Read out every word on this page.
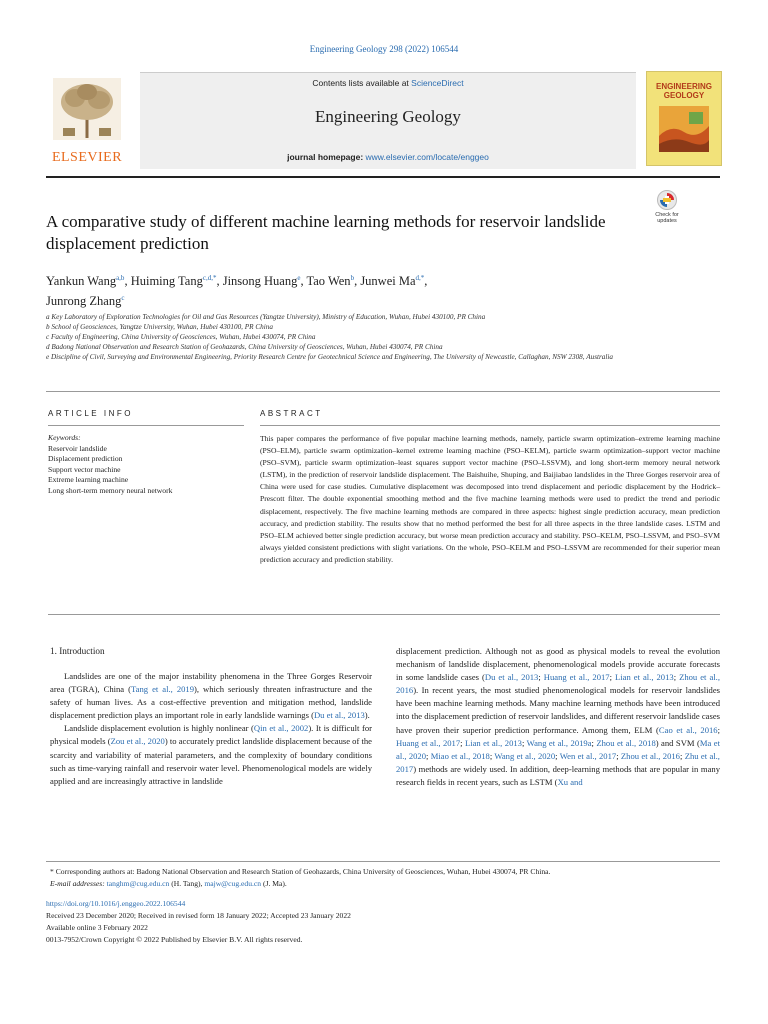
Engineering Geology 298 (2022) 106544
ELSEVIER
Contents lists available at ScienceDirect
Engineering Geology
journal homepage: www.elsevier.com/locate/enggeo
ENGINEERING GEOLOGY
A comparative study of different machine learning methods for reservoir landslide displacement prediction
Check for updates
Yankun Wang$^{a,b}$, Huiming Tang$^{c,d,*}$, Jinsong Huang$^e$, Tao Wen$^b$, Junwei $Ma^{d,*}$,
Junrong Zhang$^c$
a Key Laboratory of Exploration Technologies for Oil and Gas Resources (Yangtze University), Ministry of Education, Wuhan, Hubei 430100, PR China
b School of Geosciences, Yangtze University, Wuhan, Hubei 430100, PR China
c Faculty of Engineering, China University of Geosciences, Wuhan, Hubei 430074, PR China
d Badong National Observation and Research Station of Geohazards, China University of Geosciences, Wuhan, Hubei 430074, PR China
e Discipline of Civil, Surveying and Environmental Engineering, Priority Research Centre for Geotechnical Science and Engineering, The University of Newcastle, Callaghan, NSW 2308, Australia
ARTICLE INFO	ABSTRACT
Keywords:
Reservoir landslide
Displacement prediction
Support vector machine
Extreme learning machine
Long short-term memory neural network
This paper compares the performance of five popular machine learning methods, namely, particle swarm optimization–extreme learning machine (PSO–ELM), particle swarm optimization–kernel extreme learning machine (PSO–KELM), particle swarm optimization–support vector machine (PSO–SVM), particle swarm optimization–least squares support vector machine (PSO–LSSVM), and long short-term memory neural network (LSTM), in the prediction of reservoir landslide displacement. The Baishuihe, Shuping, and Baijiabao landslides in the Three Gorges reservoir area of China were used for case studies. Cumulative displacement was decomposed into trend displacement and periodic displacement by the Hodrick–Prescott filter. The double exponential smoothing method and the five machine learning methods were used to predict the trend and periodic displacement, respectively. The five machine learning methods are compared in three aspects: highest single prediction accuracy, mean prediction accuracy, and prediction stability. The results show that no method performed the best for all three aspects in the three landslide cases. LSTM and PSO–ELM achieved better single prediction accuracy, but worse mean prediction accuracy and stability. PSO–KELM, PSO–LSSVM, and PSO–SVM always yielded consistent predictions with slight variations. On the whole, PSO–KELM and PSO–LSSVM are recommended for their superior mean prediction accuracy and prediction stability.
1. Introduction

Landslides are one of the major instability phenomena in the Three Gorges Reservoir area (TGRA), China (Tang et al., 2019), which seriously threaten infrastructure and the safety of human lives. As a cost-effective prevention and mitigation method, landslide displacement prediction plays an important role in early landslide warnings (Du et al., 2013).

Landslide displacement evolution is highly nonlinear (Qin et al., 2002). It is difficult for physical models (Zou et al., 2020) to accurately predict landslide displacement because of the scarcity and variability of material parameters, and the complexity of boundary conditions such as time-varying rainfall and reservoir water level. Phenomenological models are widely applied and are increasingly attractive in landslide

displacement prediction. Although not as good as physical models to reveal the evolution mechanism of landslide displacement, phenomenological models provide accurate forecasts in some landslide cases (Du et al., 2013; Huang et al., 2017; Lian et al., 2013; Zhou et al., 2016). In recent years, the most studied phenomenological models for reservoir landslides have been machine learning methods. Many machine learning methods have been introduced into the displacement prediction of reservoir landslides, and different reservoir landslide cases have proven their superior prediction performance. Among them, ELM (Cao et al., 2016; Huang et al., 2017; Lian et al., 2013; Wang et al., 2019a; Zhou et al., 2018) and SVM (Ma et al., 2020; Miao et al., 2018; Wang et al., 2020; Wen et al., 2017; Zhou et al., 2016; Zhu et al., 2017) methods are widely used. In addition, deep-learning methods that are popular in many research fields in recent years, such as LSTM (Xu and

* Corresponding authors at: Badong National Observation and Research Station of Geohazards, China University of Geosciences, Wuhan, Hubei 430074, PR China.
E-mail addresses: tanghm@cug.edu.cn (H. Tang), majw@cug.edu.cn (J. Ma).
https://doi.org/10.1016/j.enggeo.2022.106544
Received 23 December 2020; Received in revised form 18 January 2022; Accepted 23 January 2022
Available online 3 February 2022
0013-7952/Crown Copyright © 2022 Published by Elsevier B.V. All rights reserved.
